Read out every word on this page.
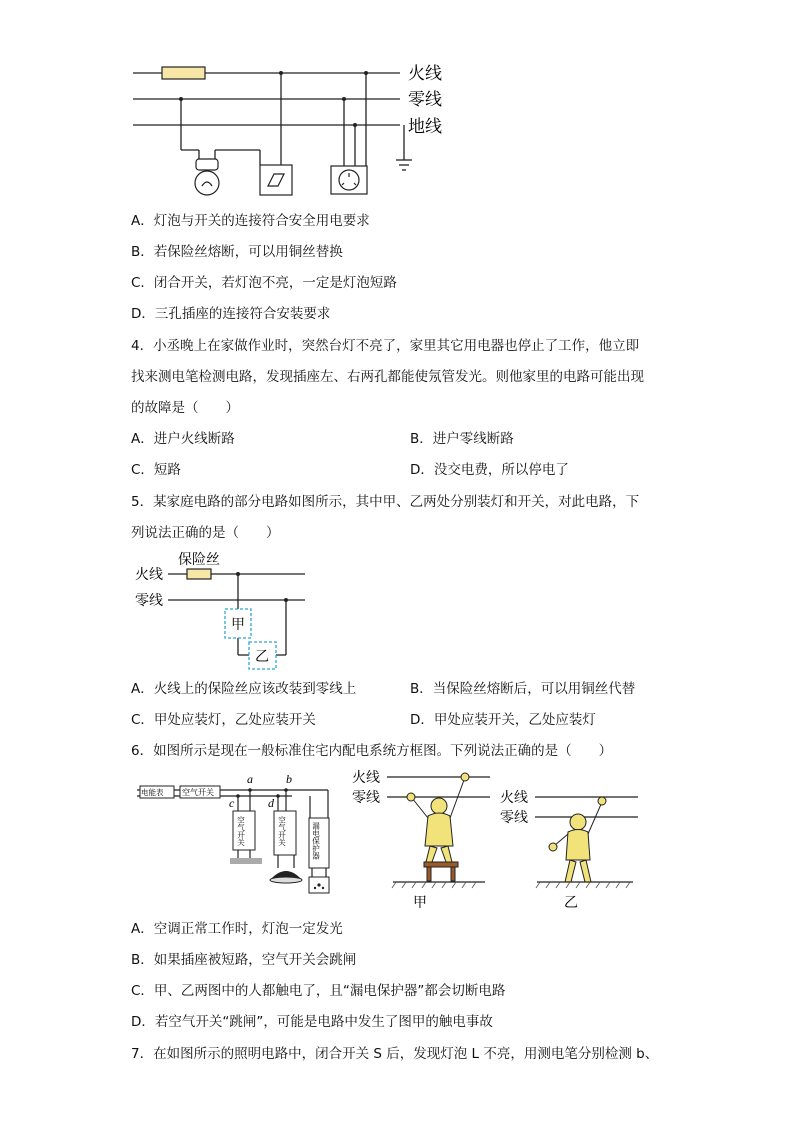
火线
零线
地线
A．灯泡与开关的连接符合安全用电要求
B．若保险丝熔断，可以用铜丝替换
C．闭合开关，若灯泡不亮，一定是灯泡短路
D．三孔插座的连接符合安装要求
4．小丞晚上在家做作业时，突然台灯不亮了，家里其它用电器也停止了工作，他立即
找来测电笔检测电路，发现插座左、右两孔都能使氖管发光。则他家里的电路可能出现
的故障是（　　）
A．进户火线断路	B．进户零线断路
C．短路	D．没交电费，所以停电了
5．某家庭电路的部分电路如图所示，其中甲、乙两处分别装灯和开关，对此电路，下
列说法正确的是（　　）
保险丝
火线
零线
甲
乙
A．火线上的保险丝应该改装到零线上	B．当保险丝熔断后，可以用铜丝代替
C．甲处应装灯，乙处应装开关	D．甲处应装开关，乙处应装灯
6．如图所示是现在一般标准住宅内配电系统方框图。下列说法正确的是（　　）
电能表 空气开关
a	b
c	d
空气开关	空气开关	漏电保护器
火线
零线
甲
火线
零线
乙
A．空调正常工作时，灯泡一定发光
B．如果插座被短路，空气开关会跳闸
C．甲、乙两图中的人都触电了，且“漏电保护器”都会切断电路
D．若空气开关“跳闸”，可能是电路中发生了图甲的触电事故
7．在如图所示的照明电路中，闭合开关 S 后，发现灯泡 L 不亮，用测电笔分别检测 b、
